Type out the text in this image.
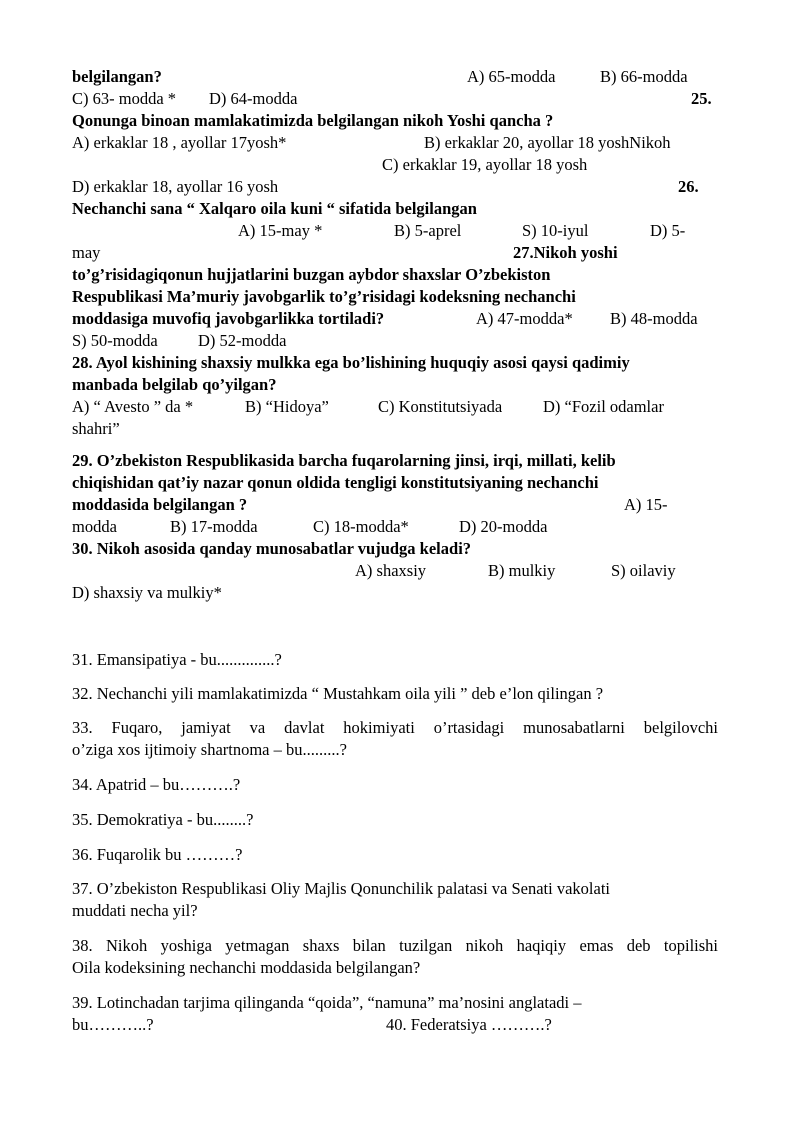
belgilangan?	A) 65-modda	B) 66-modda
C) 63- modda * D) 64-modda	25.
Qonunga binoan mamlakatimizda belgilangan nikoh Yoshi qancha ?
A) erkaklar 18 , ayollar 17yosh*	B) erkaklar 20, ayollar 18 yoshNikoh
C) erkaklar 19, ayollar 18 yosh
D) erkaklar 18, ayollar 16 yosh	26.
Nechanchi sana “ Xalqaro oila kuni “ sifatida belgilangan
A) 15-may *	B) 5-aprel	S) 10-iyul	D) 5-
may	27.Nikoh yoshi
to’g’risidagiqonun hujjatlarini buzgan aybdor shaxslar O’zbekiston
Respublikasi Ma’muriy javobgarlik to’g’risidagi kodeksning nechanchi
moddasiga muvofiq javobgarlikka tortiladi?	A) 47-modda* B) 48-modda
S) 50-modda D) 52-modda
28. Ayol kishining shaxsiy mulkka ega bo’lishining huquqiy asosi qaysi qadimiy
manbada belgilab qo’yilgan?
A) “ Avesto ” da *	B) “Hidoya”	C) Konstitutsiyada D) “Fozil odamlar
shahri”
29. O’zbekiston Respublikasida barcha fuqarolarning jinsi, irqi, millati, kelib
chiqishidan qat’iy nazar qonun oldida tengligi konstitutsiyaning nechanchi
moddasida belgilangan ?	A) 15-
modda	B) 17-modda	C) 18-modda*	D) 20-modda
30. Nikoh asosida qanday munosabatlar vujudga keladi?
A) shaxsiy	B) mulkiy	S) oilaviy
D) shaxsiy va mulkiy*
31. Emansipatiya - bu..............?
32. Nechanchi yili mamlakatimizda “ Mustahkam oila yili ” deb e’lon qilingan ?
33. Fuqaro, jamiyat va davlat hokimiyati o’rtasidagi munosabatlarni belgilovchi
o’ziga xos ijtimoiy shartnoma – bu.........?
34. Apatrid – bu……….?
35. Demokratiya - bu........?
36. Fuqarolik bu ………?
37. O’zbekiston Respublikasi Oliy Majlis Qonunchilik palatasi va Senati vakolati
muddati necha yil?
38. Nikoh yoshiga yetmagan shaxs bilan tuzilgan nikoh haqiqiy emas deb topilishi
Oila kodeksining nechanchi moddasida belgilangan?
39. Lotinchadan tarjima qilinganda “qoida”, “namuna” ma’nosini anglatadi –
bu………..?	40. Federatsiya ……….?
